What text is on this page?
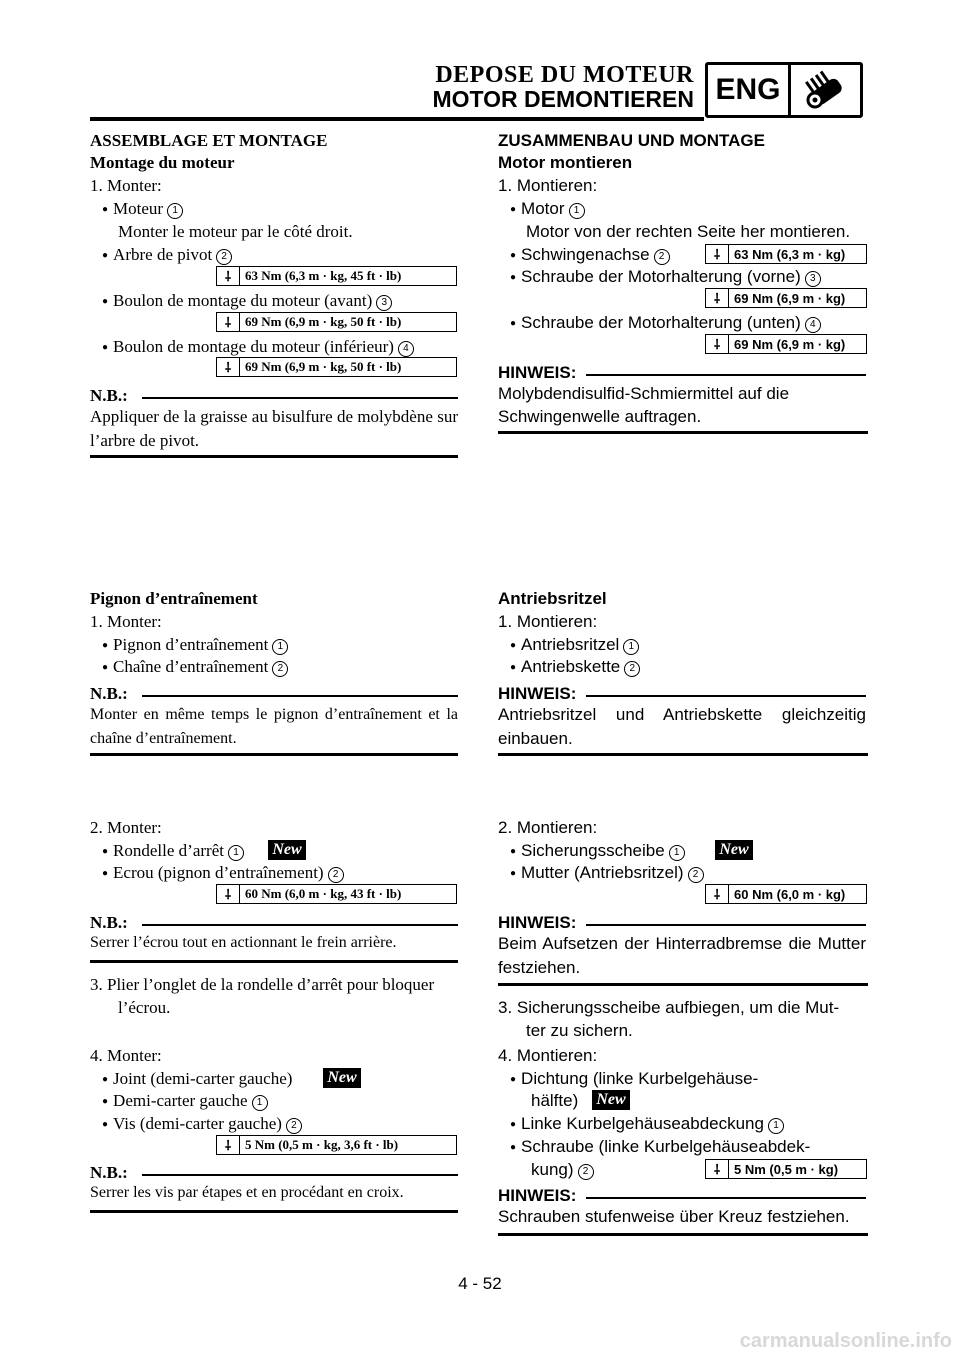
DEPOSE DU MOTEUR
MOTOR DEMONTIEREN ENG
ASSEMBLAGE ET MONTAGE
Montage du moteur
1. Monter:
● Moteur 1
Monter le moteur par le côté droit.
● Arbre de pivot 2
⸸	63 Nm (6,3 m · kg, 45 ft · lb)
● Boulon de montage du moteur (avant) 3
⸸	69 Nm (6,9 m · kg, 50 ft · lb)
● Boulon de montage du moteur (inférieur) 4
⸸	69 Nm (6,9 m · kg, 50 ft · lb)
N.B.:
Appliquer de la graisse au bisulfure de molybdène sur l’arbre de pivot.
Pignon d’entraînement
1. Monter:
● Pignon d’entraînement 1
● Chaîne d’entraînement 2
N.B.:
Monter en même temps le pignon d’entraînement et la chaîne d’entraînement.
2. Monter:
● Rondelle d’arrêt 1	New
● Ecrou (pignon d’entraînement) 2
⸸	60 Nm (6,0 m · kg, 43 ft · lb)
N.B.:
Serrer l’écrou tout en actionnant le frein arrière.
3. Plier l’onglet de la rondelle d’arrêt pour bloquer
l’écrou.
4. Monter:
● Joint (demi-carter gauche) New
● Demi-carter gauche 1
● Vis (demi-carter gauche) 2
⸸	5 Nm (0,5 m · kg, 3,6 ft · lb)
N.B.:
Serrer les vis par étapes et en procédant en croix.
ZUSAMMENBAU UND MONTAGE
Motor montieren
1. Montieren:
● Motor 1
Motor von der rechten Seite her montieren.
● Schwingenachse 2	⸸	63 Nm (6,3 m · kg)
● Schraube der Motorhalterung (vorne) 3
⸸	69 Nm (6,9 m · kg)
● Schraube der Motorhalterung (unten) 4
⸸	69 Nm (6,9 m · kg)
HINWEIS:
Molybdendisulfid-Schmiermittel auf die
Schwingenwelle auftragen.
Antriebsritzel
1. Montieren:
● Antriebsritzel 1
● Antriebskette 2
HINWEIS:
Antriebsritzel und Antriebskette gleichzeitig einbauen.
2. Montieren:
● Sicherungsscheibe 1	New
● Mutter (Antriebsritzel) 2
⸸	60 Nm (6,0 m · kg)
HINWEIS:
Beim Aufsetzen der Hinterradbremse die Mutter festziehen.
3. Sicherungsscheibe aufbiegen, um die Mut-
ter zu sichern.
4. Montieren:
● Dichtung (linke Kurbelgehäuse-
hälfte) New
● Linke Kurbelgehäuseabdeckung 1
● Schraube (linke Kurbelgehäuseabdek-
kung) 2	⸸	5 Nm (0,5 m · kg)
HINWEIS:
Schrauben stufenweise über Kreuz festziehen.
4 - 52
carmanualsonline.info
